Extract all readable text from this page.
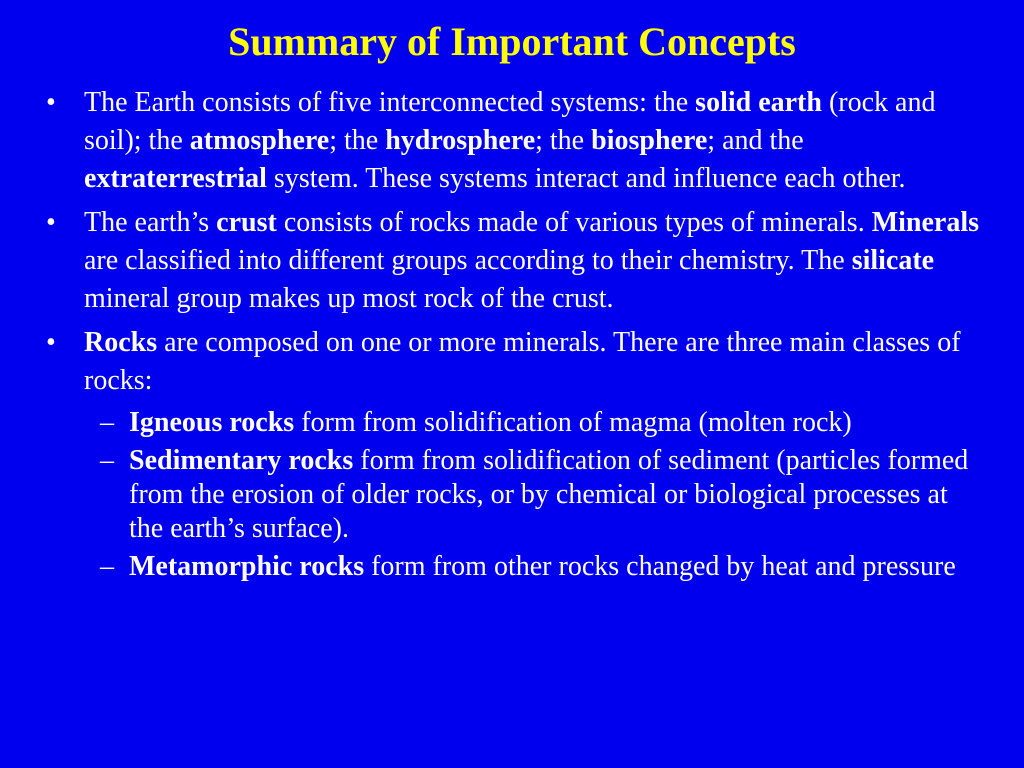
Summary of Important Concepts
• The Earth consists of five interconnected systems: the solid earth (rock and soil); the atmosphere; the hydrosphere; the biosphere; and the extraterrestrial system. These systems interact and influence each other.
• The earth’s crust consists of rocks made of various types of minerals. Minerals are classified into different groups according to their chemistry. The silicate mineral group makes up most rock of the crust.
• Rocks are composed on one or more minerals. There are three main classes of rocks:
– Igneous rocks form from solidification of magma (molten rock)
– Sedimentary rocks form from solidification of sediment (particles formed from the erosion of older rocks, or by chemical or biological processes at the earth’s surface).
– Metamorphic rocks form from other rocks changed by heat and pressure
